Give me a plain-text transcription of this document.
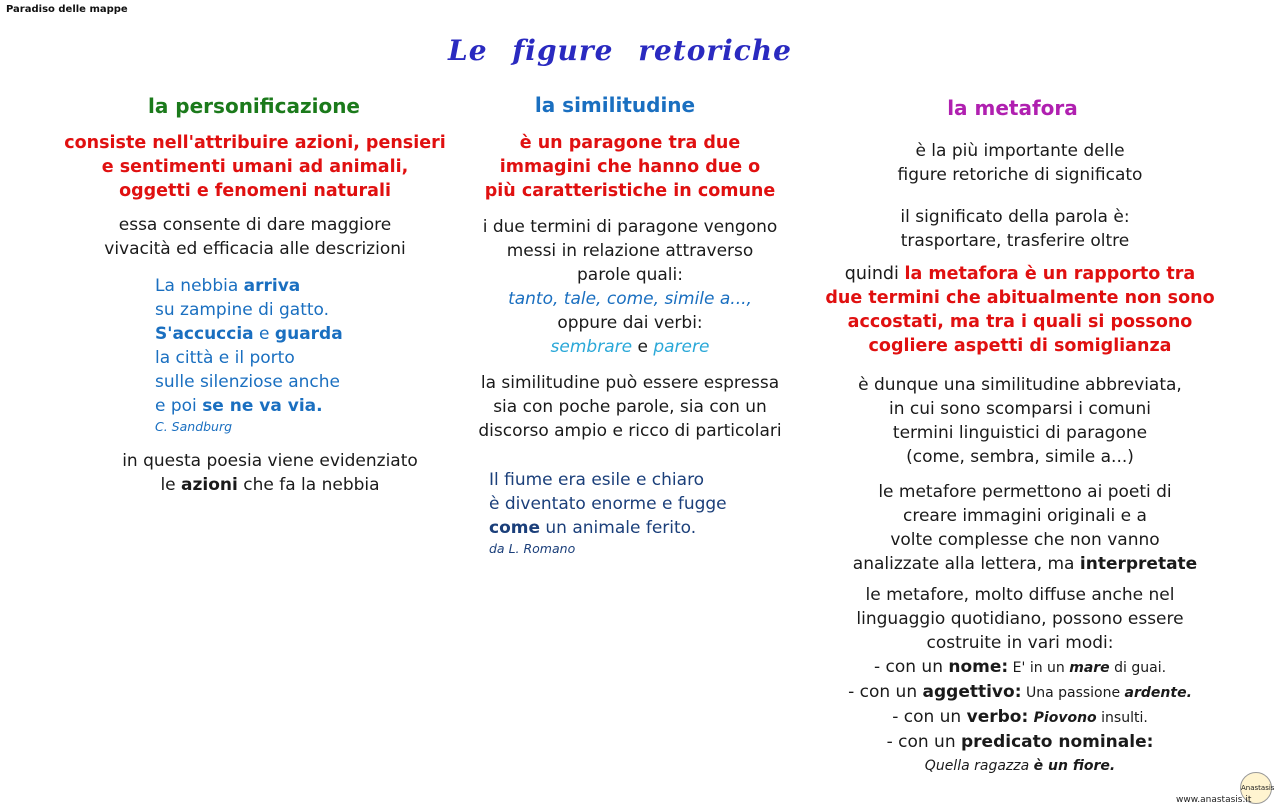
Paradiso delle mappe
Le figure retoriche
la personificazione
consiste nell'attribuire azioni, pensieri
e sentimenti umani ad animali,
oggetti e fenomeni naturali
essa consente di dare maggiore
vivacità ed efficacia alle descrizioni
La nebbia arriva
su zampine di gatto.
S'accuccia e guarda
la città e il porto
sulle silenziose anche
e poi se ne va via.
C. Sandburg
in questa poesia viene evidenziato
le azioni che fa la nebbia
la similitudine
è un paragone tra due
immagini che hanno due o
più caratteristiche in comune
i due termini di paragone vengono
messi in relazione attraverso
parole quali:
tanto, tale, come, simile a...,
oppure dai verbi:
sembrare e parere
la similitudine può essere espressa
sia con poche parole, sia con un
discorso ampio e ricco di particolari
Il fiume era esile e chiaro
è diventato enorme e fugge
come un animale ferito.
da L. Romano
la metafora
è la più importante delle
figure retoriche di significato
il significato della parola è:
trasportare, trasferire oltre
quindi la metafora è un rapporto tra
due termini che abitualmente non sono
accostati, ma tra i quali si possono
cogliere aspetti di somiglianza
è dunque una similitudine abbreviata,
in cui sono scomparsi i comuni
termini linguistici di paragone
(come, sembra, simile a...)
le metafore permettono ai poeti di
creare immagini originali e a
volte complesse che non vanno
analizzate alla lettera, ma interpretate
le metafore, molto diffuse anche nel
linguaggio quotidiano, possono essere
costruite in vari modi:
- con un nome: E' in un mare di guai.
- con un aggettivo: Una passione ardente.
- con un verbo: Piovono insulti.
- con un predicato nominale:
Quella ragazza è un fiore.
Anastasis
www.anastasis.it
